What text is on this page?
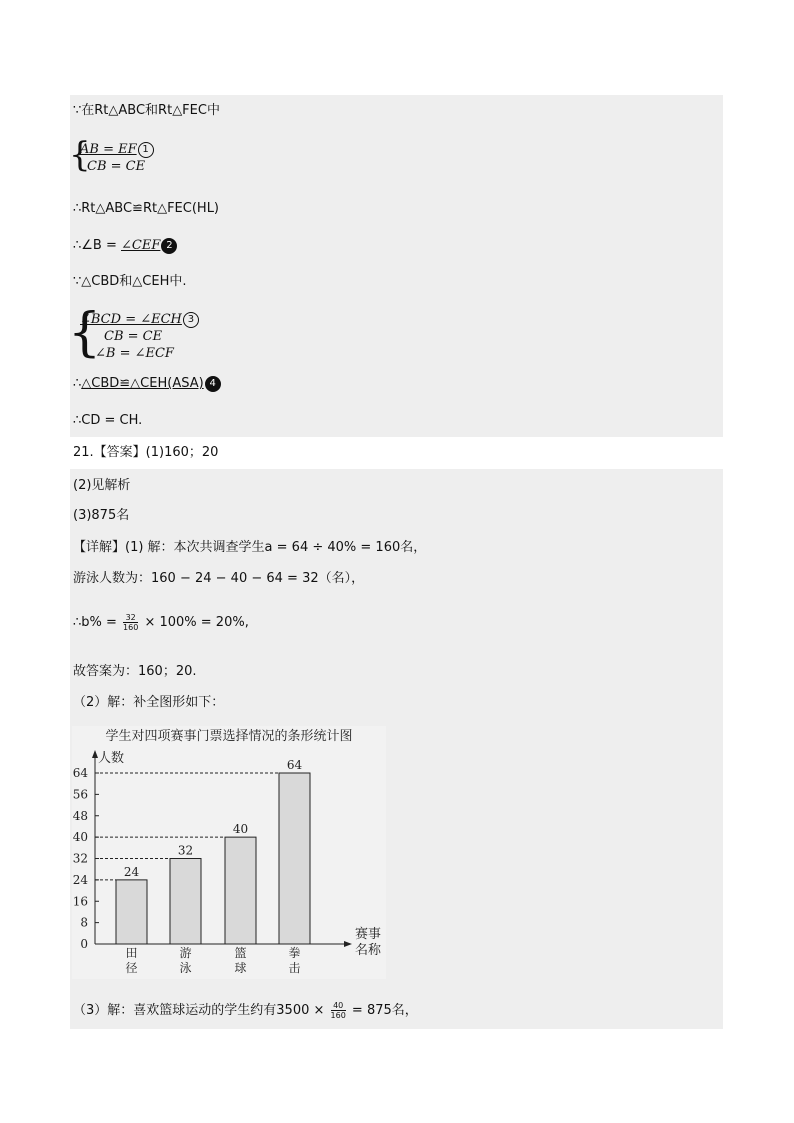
∵在Rt△ABC和Rt△FEC中
{
AB = EF 1
CB = CE
∴Rt△ABC≌Rt△FEC(HL)
∴∠B = ∠CEF 2
∵△CBD和△CEH中.
{
∠BCD = ∠ECH 3
CB = CE
∠B = ∠ECF
∴△CBD≌△CEH(ASA) 4
∴CD = CH.
21.【答案】(1)160；20
(2)见解析
(3)875名
【详解】(1) 解：本次共调查学生a = 64 ÷ 40% = 160名，
游泳人数为：160 − 24 − 40 − 64 = 32（名），
∴b% = $\frac{32}{160} \times 100\% = 20\%$,
故答案为：160；20.
（2）解：补全图形如下：
学生对四项赛事门票选择情况的条形统计图
24
田
径
32
游
泳
40
篮
球
64
拳
击
0
8
16
24
32
40
48
56
64
人数
赛事
名称
（3）解：喜欢篮球运动的学生约有$3500 \times \frac{40}{160} = 875$名，
